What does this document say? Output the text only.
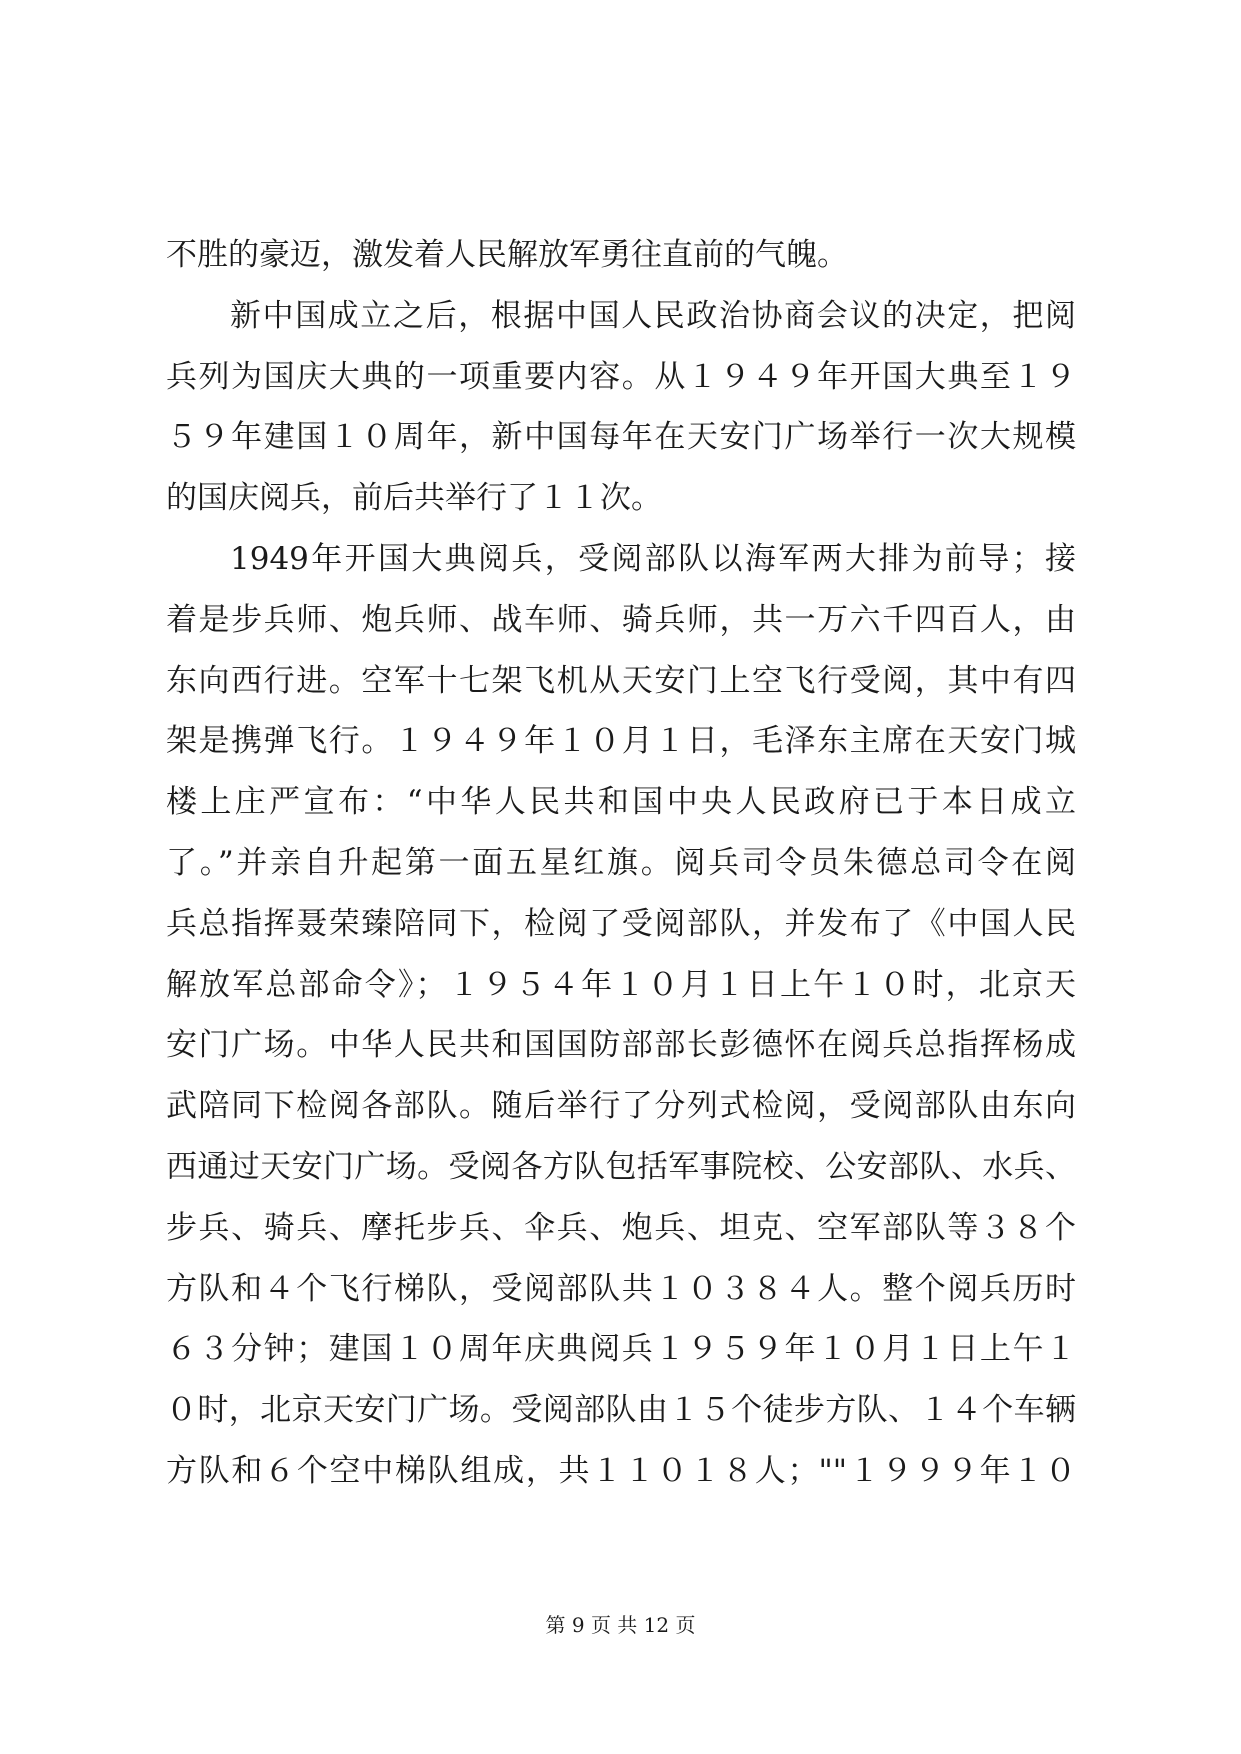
不胜的豪迈，激发着人民解放军勇往直前的气魄。
新中国成立之后，根据中国人民政治协商会议的决定，把阅
兵列为国庆大典的一项重要内容。从１９４９年开国大典至１９
５９年建国１０周年，新中国每年在天安门广场举行一次大规模
的国庆阅兵，前后共举行了１１次。
1949年开国大典阅兵，受阅部队以海军两大排为前导；接
着是步兵师、炮兵师、战车师、骑兵师，共一万六千四百人，由
东向西行进。空军十七架飞机从天安门上空飞行受阅，其中有四
架是携弹飞行。１９４９年１０月１日，毛泽东主席在天安门城
楼上庄严宣布：“中华人民共和国中央人民政府已于本日成立
了。”并亲自升起第一面五星红旗。阅兵司令员朱德总司令在阅
兵总指挥聂荣臻陪同下，检阅了受阅部队，并发布了《中国人民
解放军总部命令》；１９５４年１０月１日上午１０时，北京天
安门广场。中华人民共和国国防部部长彭德怀在阅兵总指挥杨成
武陪同下检阅各部队。随后举行了分列式检阅，受阅部队由东向
西通过天安门广场。受阅各方队包括军事院校、公安部队、水兵、
步兵、骑兵、摩托步兵、伞兵、炮兵、坦克、空军部队等３８个
方队和４个飞行梯队，受阅部队共１０３８４人。整个阅兵历时
６３分钟；建国１０周年庆典阅兵１９５９年１０月１日上午１
０时，北京天安门广场。受阅部队由１５个徒步方队、１４个车辆
方队和６个空中梯队组成，共１１０１８人；""１９９９年１０
第 9 页 共 12 页
